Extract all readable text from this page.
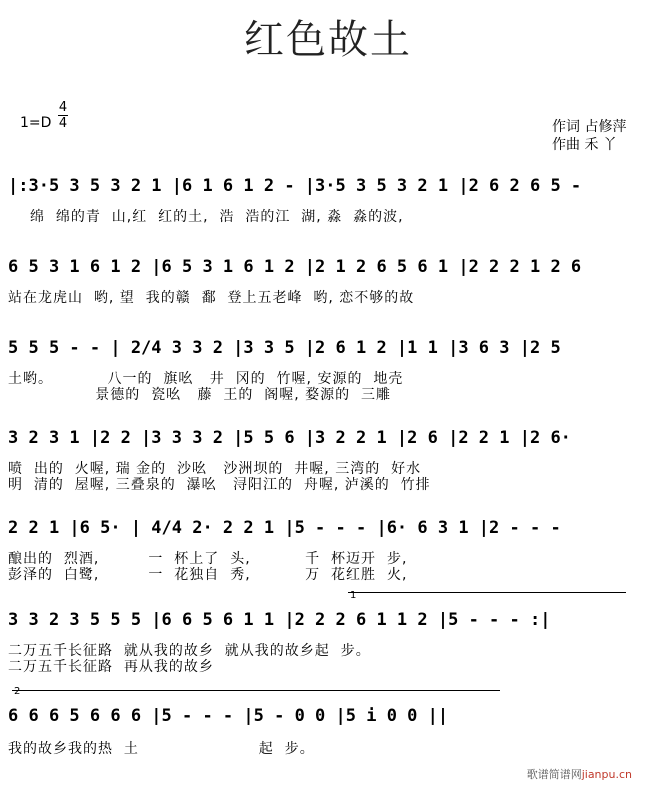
红色故土
1=D
4
4	作词 占修萍
作曲 禾 丫
|:3·5 3 5 3 2 1 |6 1 6 1 2 - |3·5 3 5 3 2 1 |2 6 2 6 5 -
绵  绵的青  山,红  红的土,  浩  浩的江  湖, 淼  淼的波,
6 5 3 1 6 1 2 |6 5 3 1 6 1 2 |2 1 2 6 5 6 1 |2 2 2 1 2 6
站在龙虎山  哟, 望  我的赣  鄱  登上五老峰  哟, 恋不够的故
5 5 5 - - | 2/4 3 3 2 |3 3 5 |2 6 1 2 |1 1 |3 6 3 |2 5
土哟。          八一的  旗吆   井  冈的  竹喔, 安源的  地壳
景德的  瓷吆   藤  王的  阁喔, 婺源的  三雕
3 2 3 1 |2 2 |3 3 3 2 |5 5 6 |3 2 2 1 |2 6 |2 2 1 |2 6·
喷  出的  火喔, 瑞 金的  沙吆   沙洲坝的  井喔, 三湾的  好水
明  清的  屋喔, 三叠泉的  瀑吆   浔阳江的  舟喔, 泸溪的  竹排
2 2 1 |6 5· | 4/4 2· 2 2 1 |5 - - - |6· 6 3 1 |2 - - -
酿出的  烈酒,         一  杯上了  头,          千  杯迈开  步,
彭泽的  白鹭,         一  花独自  秀,          万  花红胜  火,
1
3 3 2 3 5 5 5 |6 6 5 6 1 1 |2 2 2 6 1 1 2 |5 - - - :|
二万五千长征路  就从我的故乡  就从我的故乡起  步。
二万五千长征路  再从我的故乡
2
6 6 6 5 6 6 6 |5 - - - |5 - 0 0 |5 i 0 0 ||
我的故乡我的热  土                      起  步。
歌谱简谱网jianpu.cn
